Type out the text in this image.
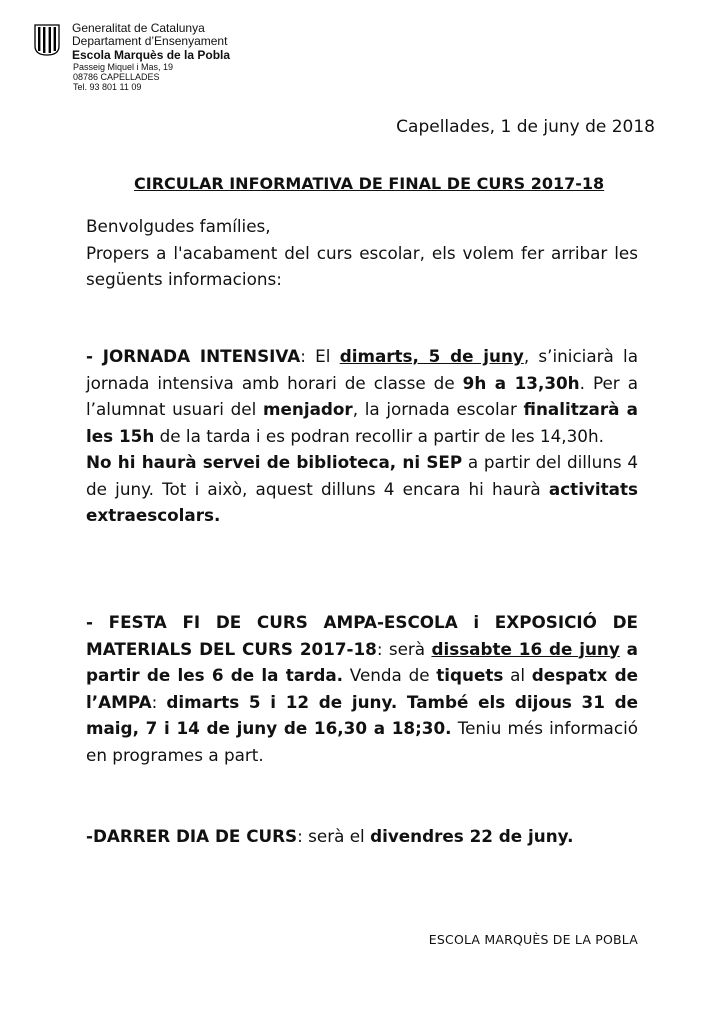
Generalitat de Catalunya
Departament d’Ensenyament
Escola Marquès de la Pobla
Passeig Miquel i Mas, 19
08786 CAPELLADES
Tel. 93 801 11 09
Capellades, 1 de juny de 2018
CIRCULAR INFORMATIVA DE FINAL DE CURS 2017-18

Benvolgudes famílies,

Propers a l'acabament del curs escolar, els volem fer arribar les següents informacions:

- JORNADA INTENSIVA: El dimarts, 5 de juny, s’iniciarà la jornada intensiva amb horari de classe de 9h a 13,30h. Per a l’alumnat usuari del menjador, la jornada escolar finalitzarà a les 15h de la tarda i es podran recollir a partir de les 14,30h.

No hi haurà servei de biblioteca, ni SEP a partir del dilluns 4 de juny. Tot i això, aquest dilluns 4 encara hi haurà activitats extraescolars.

- FESTA FI DE CURS AMPA-ESCOLA i EXPOSICIÓ DE MATERIALS DEL CURS 2017-18: serà dissabte 16 de juny a partir de les 6 de la tarda. Venda de tiquets al despatx de l’AMPA: dimarts 5 i 12 de juny. També els dijous 31 de maig, 7 i 14 de juny de 16,30 a 18;30. Teniu més informació en programes a part.

-DARRER DIA DE CURS: serà el divendres 22 de juny.

ESCOLA MARQUÈS DE LA POBLA
